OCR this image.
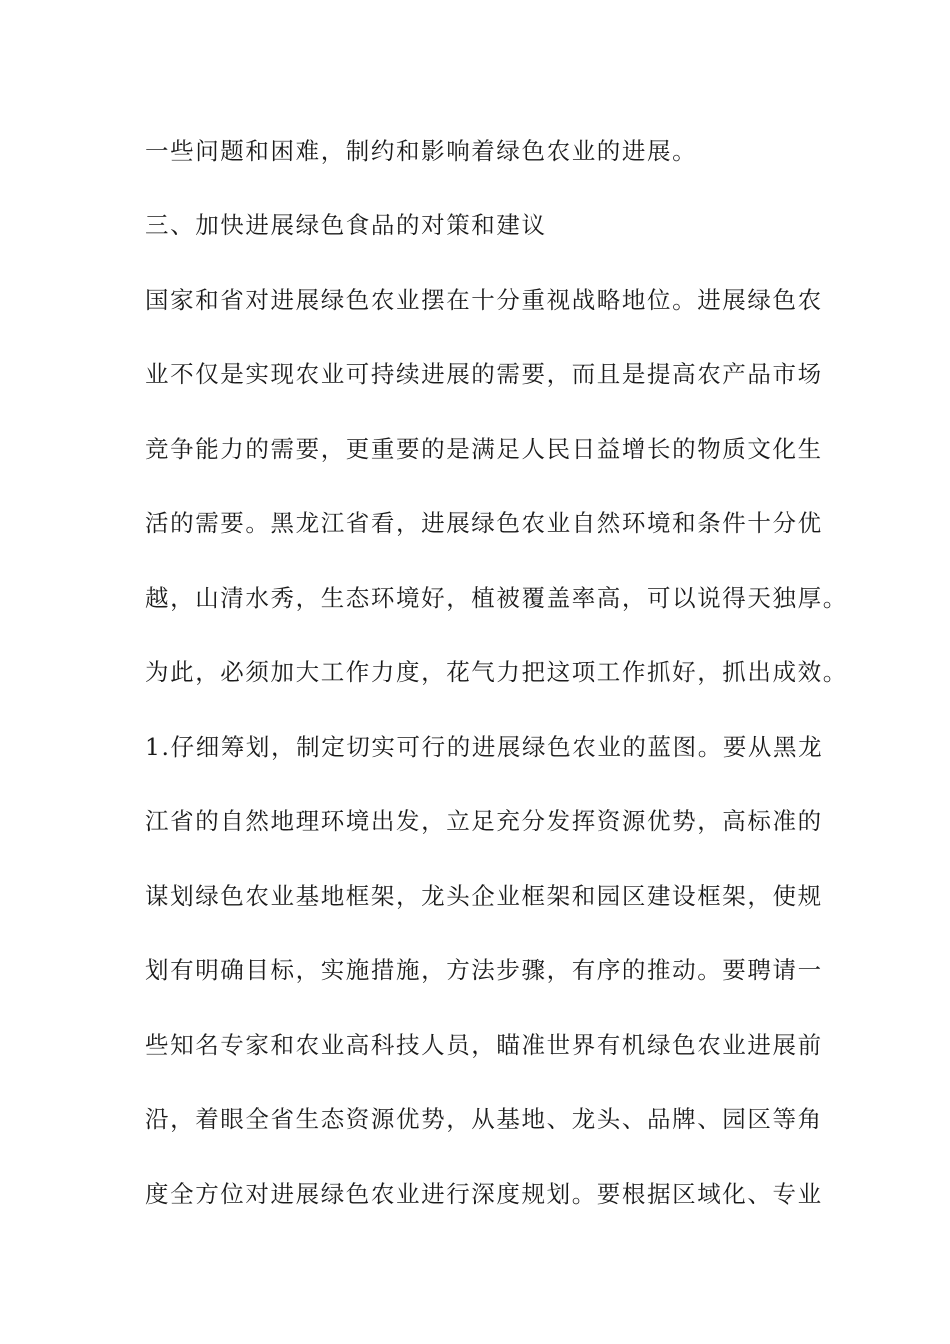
一些问题和困难，制约和影响着绿色农业的进展。

三、加快进展绿色食品的对策和建议

国家和省对进展绿色农业摆在十分重视战略地位。进展绿色农

业不仅是实现农业可持续进展的需要，而且是提高农产品市场

竞争能力的需要，更重要的是满足人民日益增长的物质文化生

活的需要。黑龙江省看，进展绿色农业自然环境和条件十分优

越，山清水秀，生态环境好，植被覆盖率高，可以说得天独厚。

为此，必须加大工作力度，花气力把这项工作抓好，抓出成效。

1.仔细筹划，制定切实可行的进展绿色农业的蓝图。要从黑龙

江省的自然地理环境出发，立足充分发挥资源优势，高标准的

谋划绿色农业基地框架，龙头企业框架和园区建设框架，使规

划有明确目标，实施措施，方法步骤，有序的推动。要聘请一

些知名专家和农业高科技人员，瞄准世界有机绿色农业进展前

沿，着眼全省生态资源优势，从基地、龙头、品牌、园区等角

度全方位对进展绿色农业进行深度规划。要根据区域化、专业
